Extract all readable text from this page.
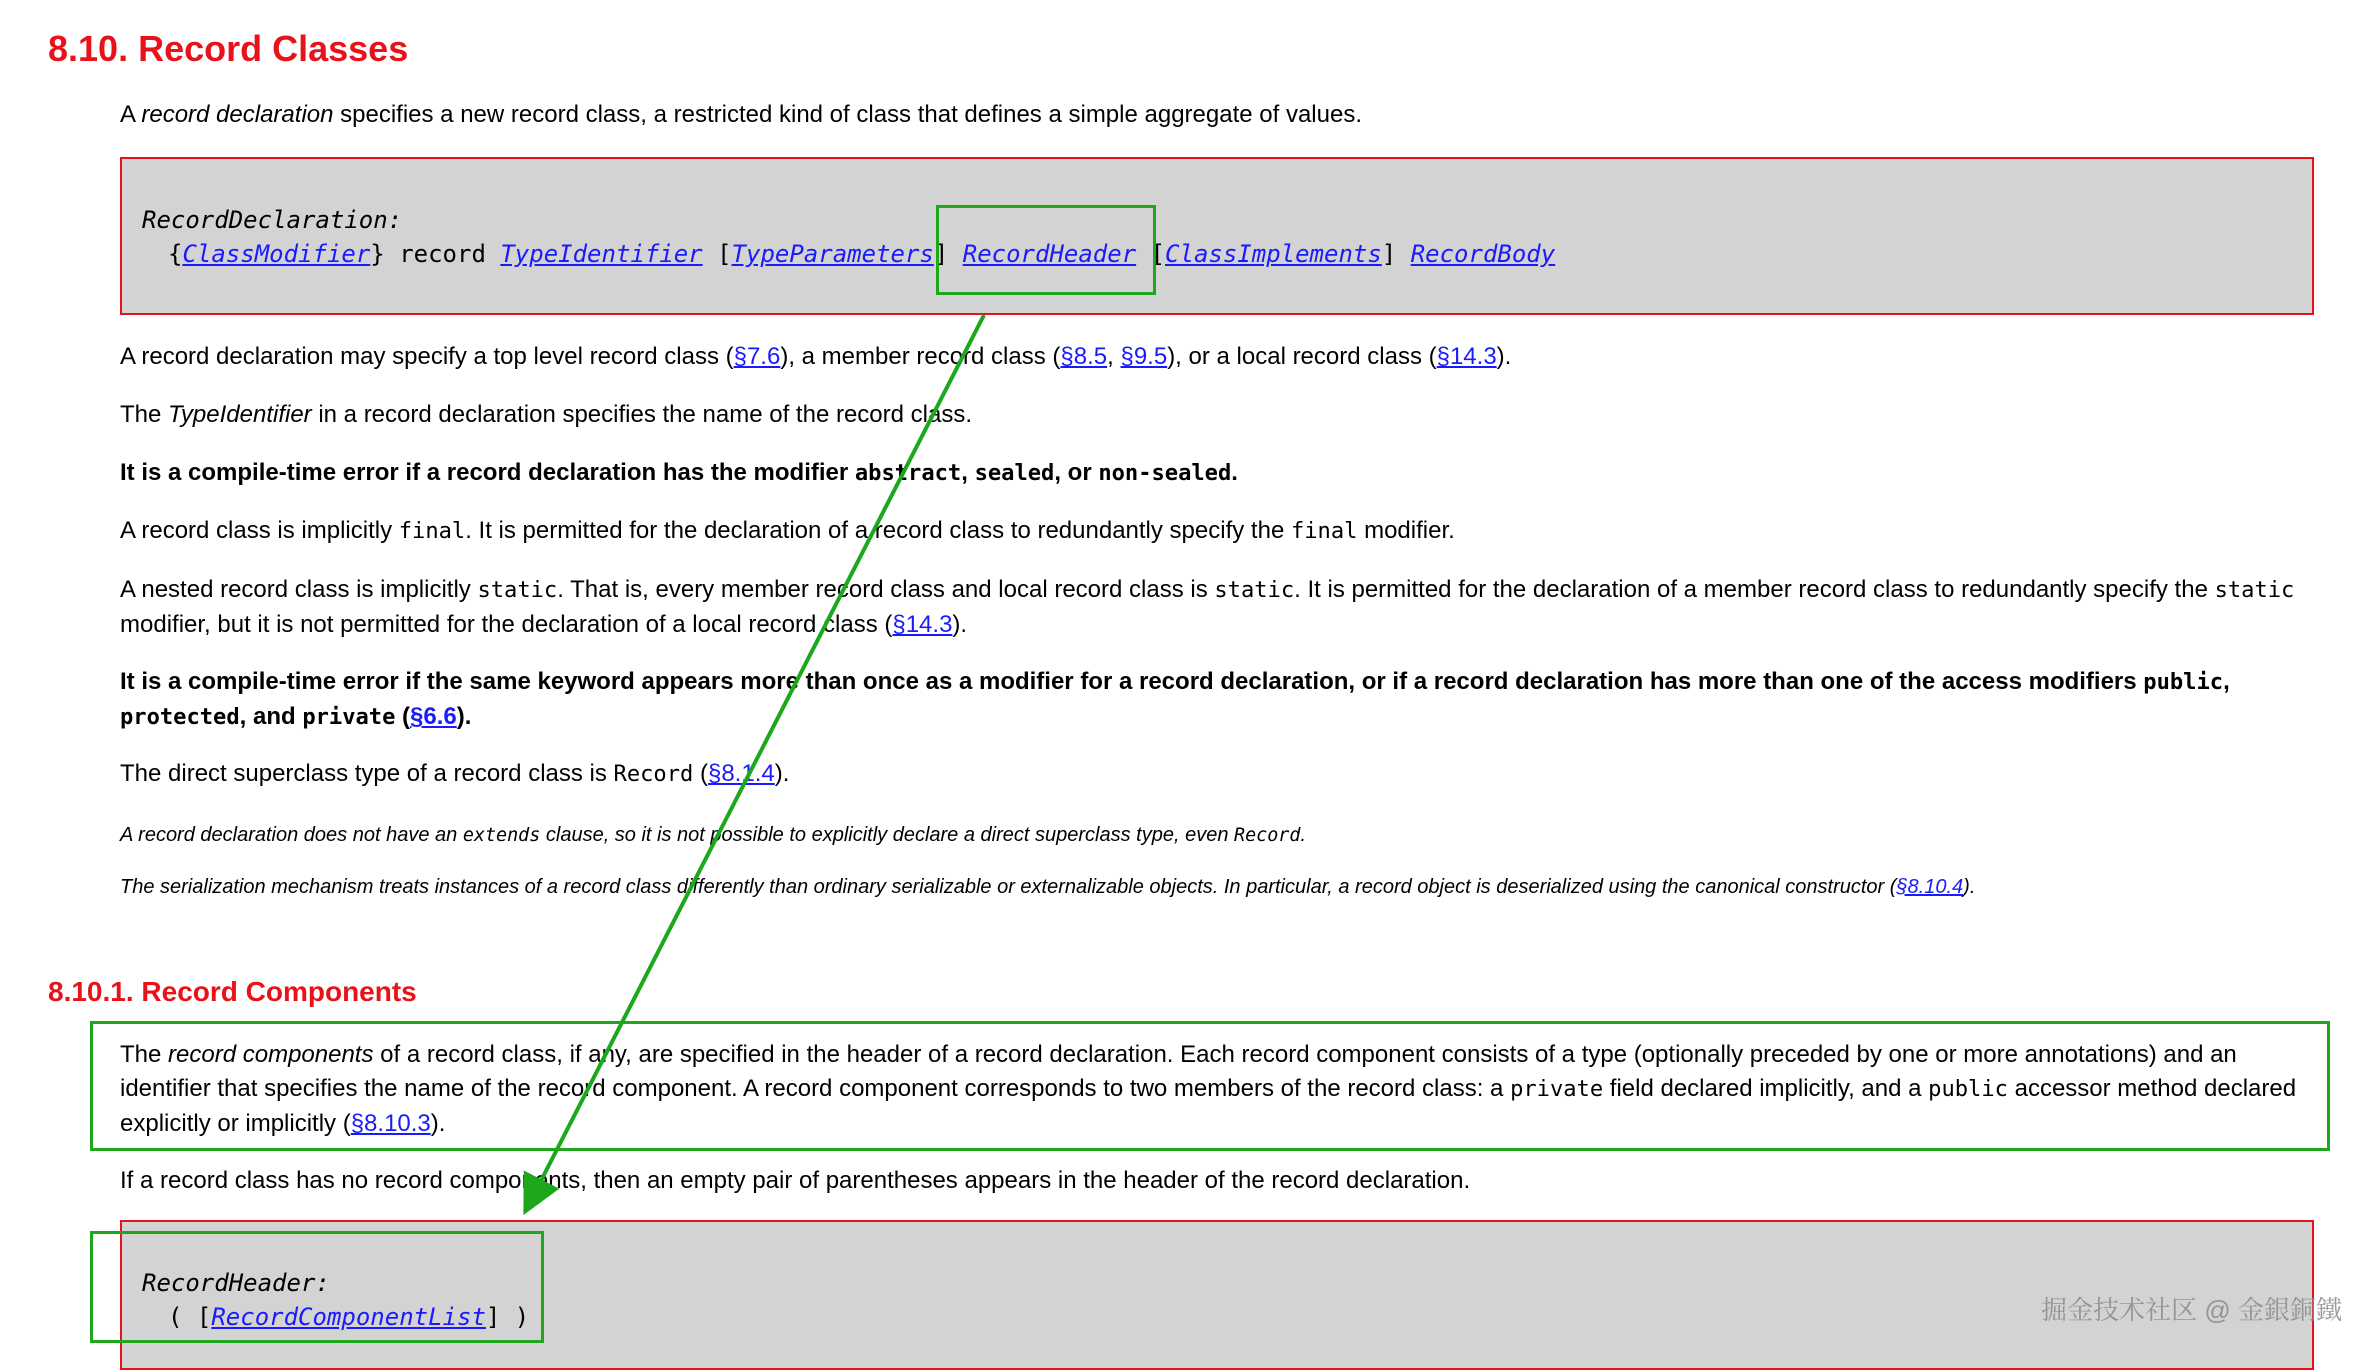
8.10. Record Classes

A record declaration specifies a new record class, a restricted kind of class that defines a simple aggregate of values.

RecordDeclaration:
{ClassModifier} record TypeIdentifier [TypeParameters] RecordHeader [ClassImplements] RecordBody

A record declaration may specify a top level record class (§7.6), a member record class (§8.5, §9.5), or a local record class (§14.3).

The TypeIdentifier in a record declaration specifies the name of the record class.

It is a compile-time error if a record declaration has the modifier abstract, sealed, or non-sealed.

A record class is implicitly final. It is permitted for the declaration of a record class to redundantly specify the final modifier.

A nested record class is implicitly static. That is, every member record class and local record class is static. It is permitted for the declaration of a member record class to redundantly specify the static modifier, but it is not permitted for the declaration of a local record class (§14.3).

It is a compile-time error if the same keyword appears more than once as a modifier for a record declaration, or if a record declaration has more than one of the access modifiers public, protected, and private (§6.6).

The direct superclass type of a record class is Record (§8.1.4).

A record declaration does not have an extends clause, so it is not possible to explicitly declare a direct superclass type, even Record.

The serialization mechanism treats instances of a record class differently than ordinary serializable or externalizable objects. In particular, a record object is deserialized using the canonical constructor (§8.10.4).

8.10.1. Record Components

The record components of a record class, if any, are specified in the header of a record declaration. Each record component consists of a type (optionally preceded by one or more annotations) and an identifier that specifies the name of the record component. A record component corresponds to two members of the record class: a private field declared implicitly, and a public accessor method declared explicitly or implicitly (§8.10.3).

If a record class has no record components, then an empty pair of parentheses appears in the header of the record declaration.

RecordHeader:
( [RecordComponentList] )	掘金技术社区 @ 金銀銅鐵
